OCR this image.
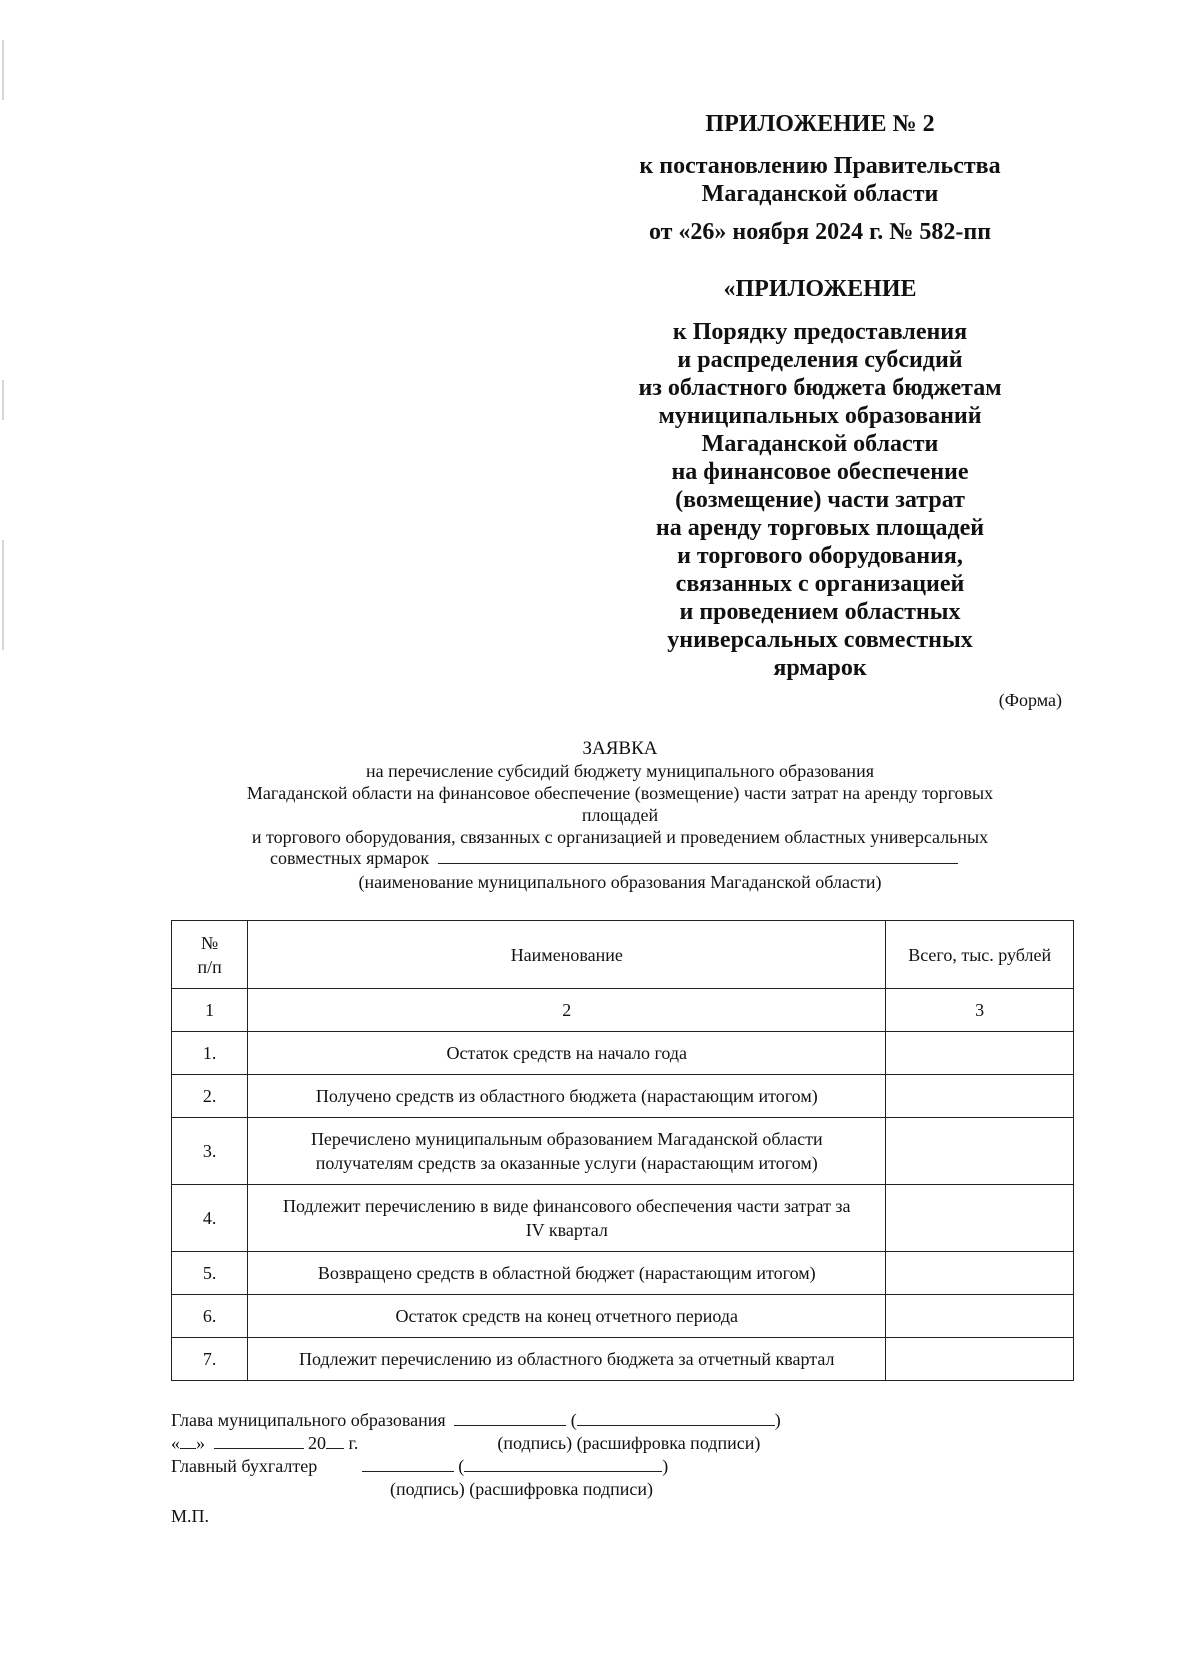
ПРИЛОЖЕНИЕ № 2
к постановлению Правительства
Магаданской области
от «26» ноября 2024 г. № 582-пп
«ПРИЛОЖЕНИЕ
к Порядку предоставления
и распределения субсидий
из областного бюджета бюджетам
муниципальных образований
Магаданской области
на финансовое обеспечение
(возмещение) части затрат
на аренду торговых площадей
и торгового оборудования,
связанных с организацией
и проведением областных
универсальных совместных
ярмарок
(Форма)
ЗАЯВКА
на перечисление субсидий бюджету муниципального образования
Магаданской области на финансовое обеспечение (возмещение) части затрат на аренду торговых
площадей
и торгового оборудования, связанных с организацией и проведением областных универсальных
совместных ярмарок
(наименование муниципального образования Магаданской области)
№
п/п	Наименование	Всего, тыс. рублей
1	2	3
1.	Остаток средств на начало года	
2.	Получено средств из областного бюджета (нарастающим итогом)	
3.	Перечислено муниципальным образованием Магаданской области
получателям средств за оказанные услуги (нарастающим итогом)	

4.	Подлежит перечислению в виде финансового обеспечения части затрат за
IV квартал	

5.	Возвращено средств в областной бюджет (нарастающим итогом)	
6.	Остаток средств на конец отчетного периода	
7.	Подлежит перечислению из областного бюджета за отчетный квартал	
Глава муниципального образования	(	)
« »	20 г.	(подпись) (расшифровка подписи)
Главный бухгалтер	(	)
(подпись) (расшифровка подписи)
М.П.
